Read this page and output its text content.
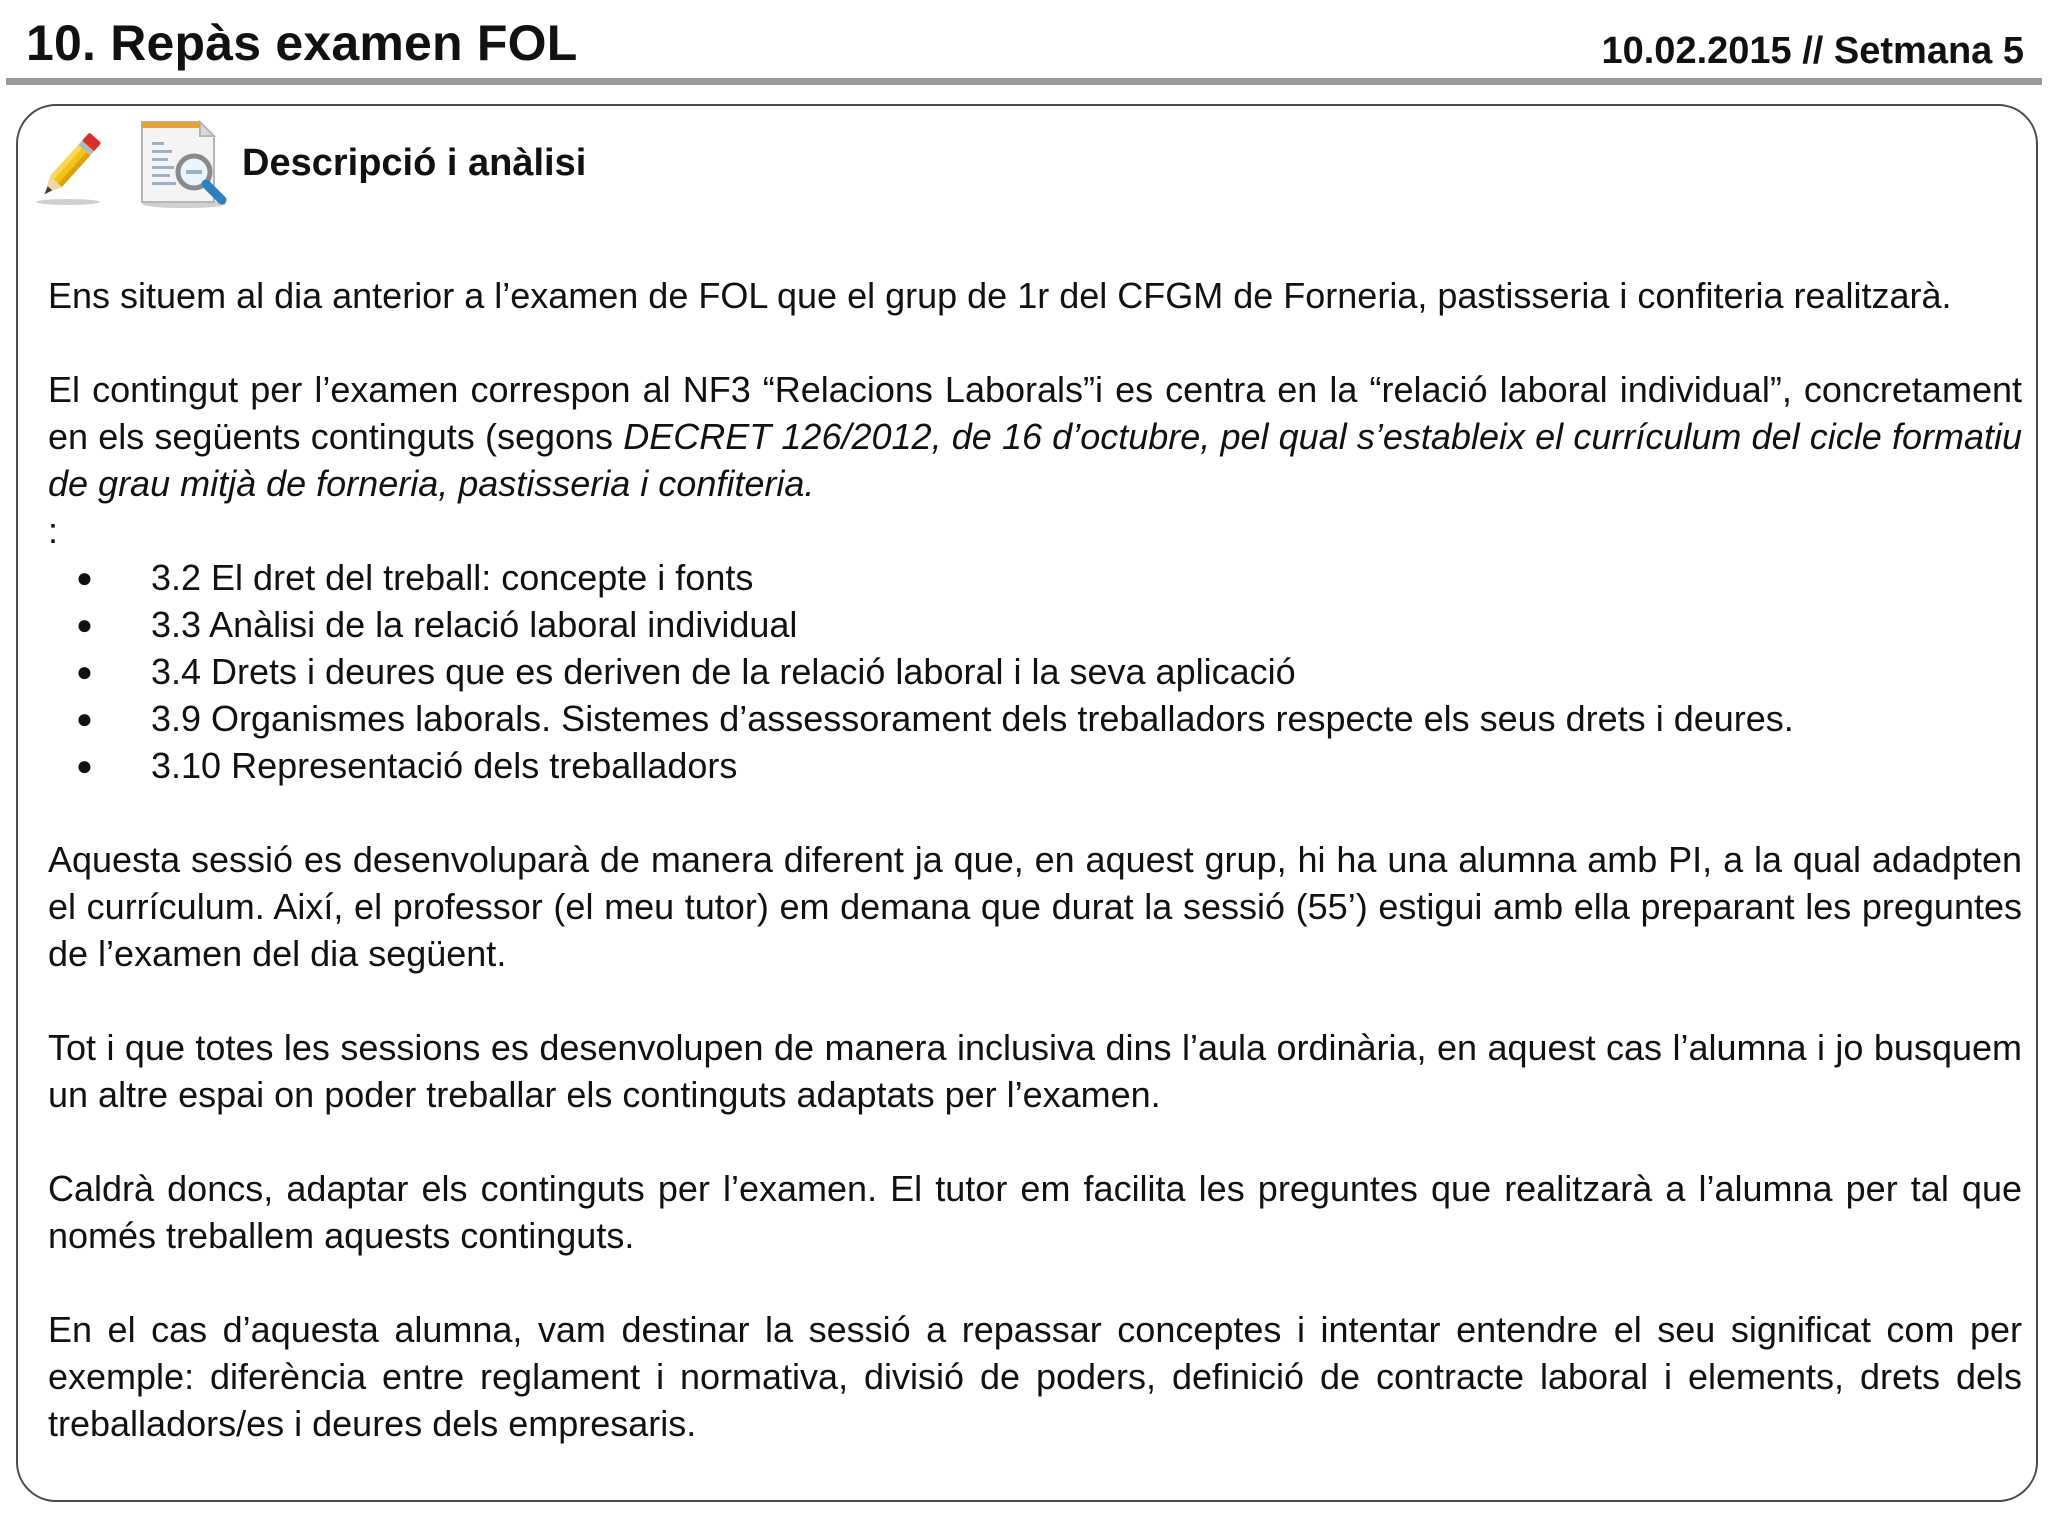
10. Repàs examen FOL	10.02.2015 // Setmana 5
Descripció i anàlisi

Ens situem al dia anterior a l’examen de FOL que el grup de 1r del CFGM de Forneria, pastisseria i confiteria realitzarà.

El contingut per l’examen correspon al NF3 “Relacions Laborals”i es centra en la “relació laboral individual”, concretament en els següents continguts (segons DECRET 126/2012, de 16 d’octubre, pel qual s’estableix el currículum del cicle formatiu de grau mitjà de forneria, pastisseria i confiteria.

:
● 3.2 El dret del treball: concepte i fonts
● 3.3 Anàlisi de la relació laboral individual
● 3.4 Drets i deures que es deriven de la relació laboral i la seva aplicació
● 3.9 Organismes laborals. Sistemes d’assessorament dels treballadors respecte els seus drets i deures.
● 3.10 Representació dels treballadors

Aquesta sessió es desenvoluparà de manera diferent ja que, en aquest grup, hi ha una alumna amb PI, a la qual adadpten el currículum. Així, el professor (el meu tutor) em demana que durat la sessió (55’) estigui amb ella preparant les preguntes de l’examen del dia següent.

Tot i que totes les sessions es desenvolupen de manera inclusiva dins l’aula ordinària, en aquest cas l’alumna i jo busquem un altre espai on poder treballar els continguts adaptats per l’examen.

Caldrà doncs, adaptar els continguts per l’examen. El tutor em facilita les preguntes que realitzarà a l’alumna per tal que només treballem aquests continguts.

En el cas d’aquesta alumna, vam destinar la sessió a repassar conceptes i intentar entendre el seu significat com per exemple: diferència entre reglament i normativa, divisió de poders, definició de contracte laboral i elements, drets dels treballadors/es i deures dels empresaris.
